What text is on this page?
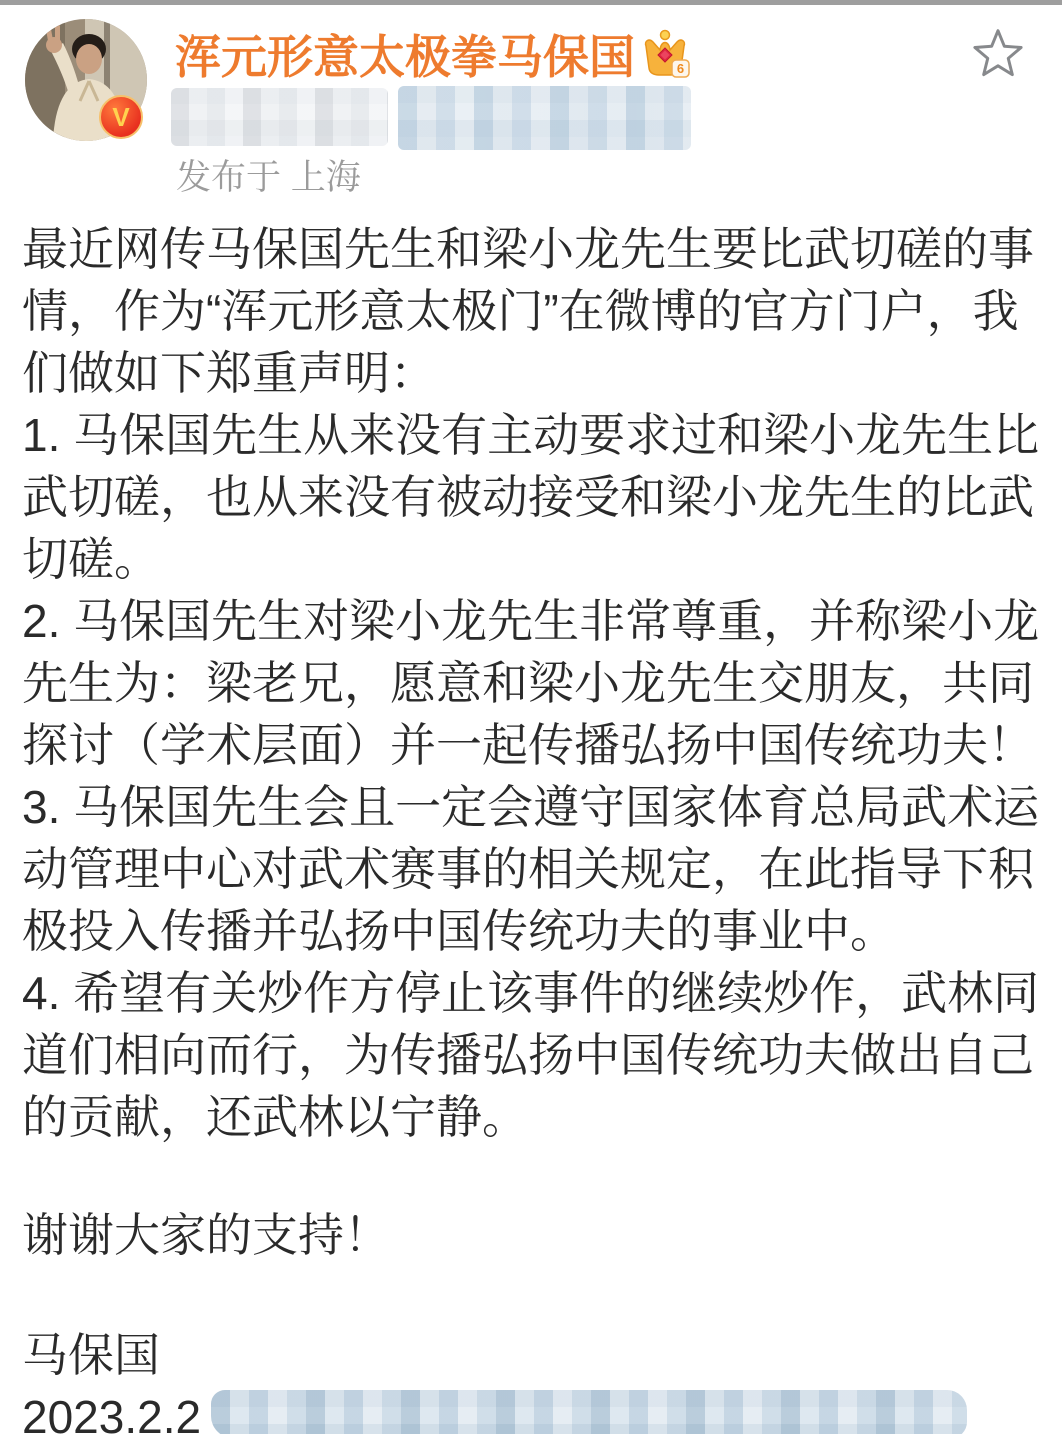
V
浑元形意太极拳马保国	6
发布于 上海
最近网传马保国先生和梁小龙先生要比武切磋的事
情，作为“浑元形意太极门”在微博的官方门户，我
们做如下郑重声明：
1. 马保国先生从来没有主动要求过和梁小龙先生比
武切磋，也从来没有被动接受和梁小龙先生的比武
切磋。
2. 马保国先生对梁小龙先生非常尊重，并称梁小龙
先生为：梁老兄，愿意和梁小龙先生交朋友，共同
探讨（学术层面）并一起传播弘扬中国传统功夫！
3. 马保国先生会且一定会遵守国家体育总局武术运
动管理中心对武术赛事的相关规定，在此指导下积
极投入传播并弘扬中国传统功夫的事业中。
4. 希望有关炒作方停止该事件的继续炒作，武林同
道们相向而行，为传播弘扬中国传统功夫做出自己
的贡献，还武林以宁静。
谢谢大家的支持！
马保国
2023.2.2
